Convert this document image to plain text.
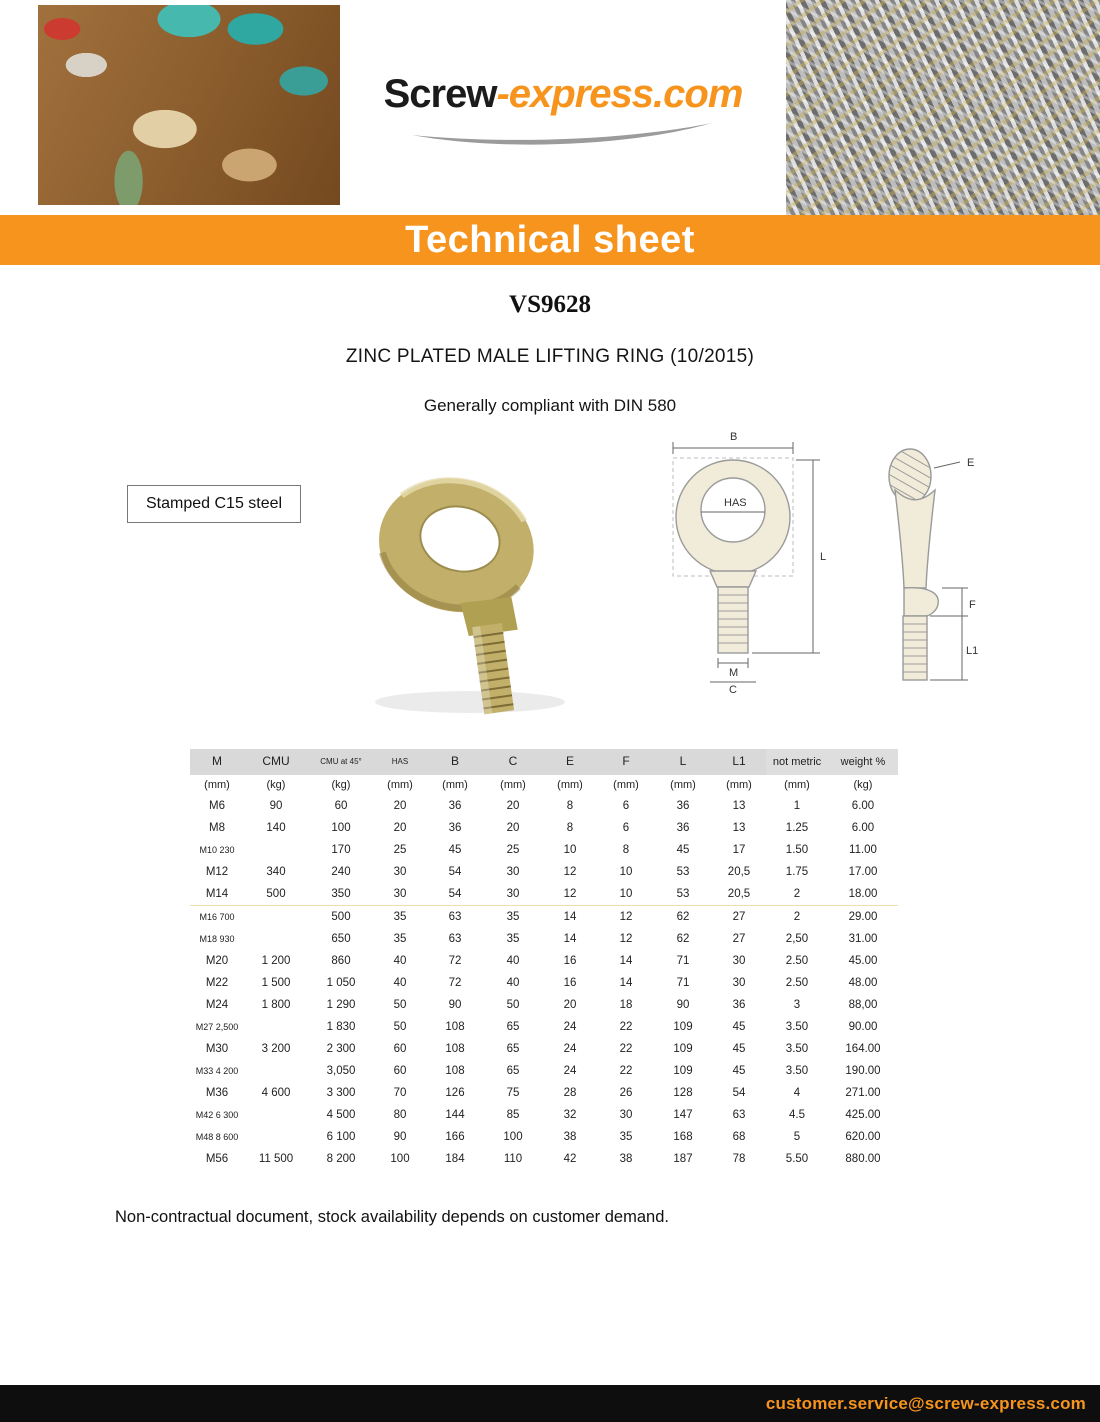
Screw-express.com
Technical sheet
VS9628
ZINC PLATED MALE LIFTING RING (10/2015)
Generally compliant with DIN 580
Stamped C15 steel
B
HAS
L
M
C
E
F
L1
M	CMU	CMU at 45°	HAS	B	C	E	F	L	L1	not metric	weight %
(mm)	(kg)	(kg)	(mm)	(mm)	(mm)	(mm)	(mm)	(mm)	(mm)	(mm)	(kg)
M6	90	60	20	36	20	8	6	36	13	1	6.00
M8	140	100	20	36	20	8	6	36	13	1.25	6.00
M10 230		170	25	45	25	10	8	45	17	1.50	11.00
M12	340	240	30	54	30	12	10	53	20,5	1.75	17.00
M14	500	350	30	54	30	12	10	53	20,5	2	18.00
M16 700		500	35	63	35	14	12	62	27	2	29.00
M18 930		650	35	63	35	14	12	62	27	2,50	31.00
M20	1 200	860	40	72	40	16	14	71	30	2.50	45.00
M22	1 500	1 050	40	72	40	16	14	71	30	2.50	48.00
M24	1 800	1 290	50	90	50	20	18	90	36	3	88,00
M27 2,500		1 830	50	108	65	24	22	109	45	3.50	90.00
M30	3 200	2 300	60	108	65	24	22	109	45	3.50	164.00
M33 4 200		3,050	60	108	65	24	22	109	45	3.50	190.00
M36	4 600	3 300	70	126	75	28	26	128	54	4	271.00
M42 6 300		4 500	80	144	85	32	30	147	63	4.5	425.00
M48 8 600		6 100	90	166	100	38	35	168	68	5	620.00
M56	11 500	8 200	100	184	110	42	38	187	78	5.50	880.00
Non-contractual document, stock availability depends on customer demand.
customer.service@screw-express.com
